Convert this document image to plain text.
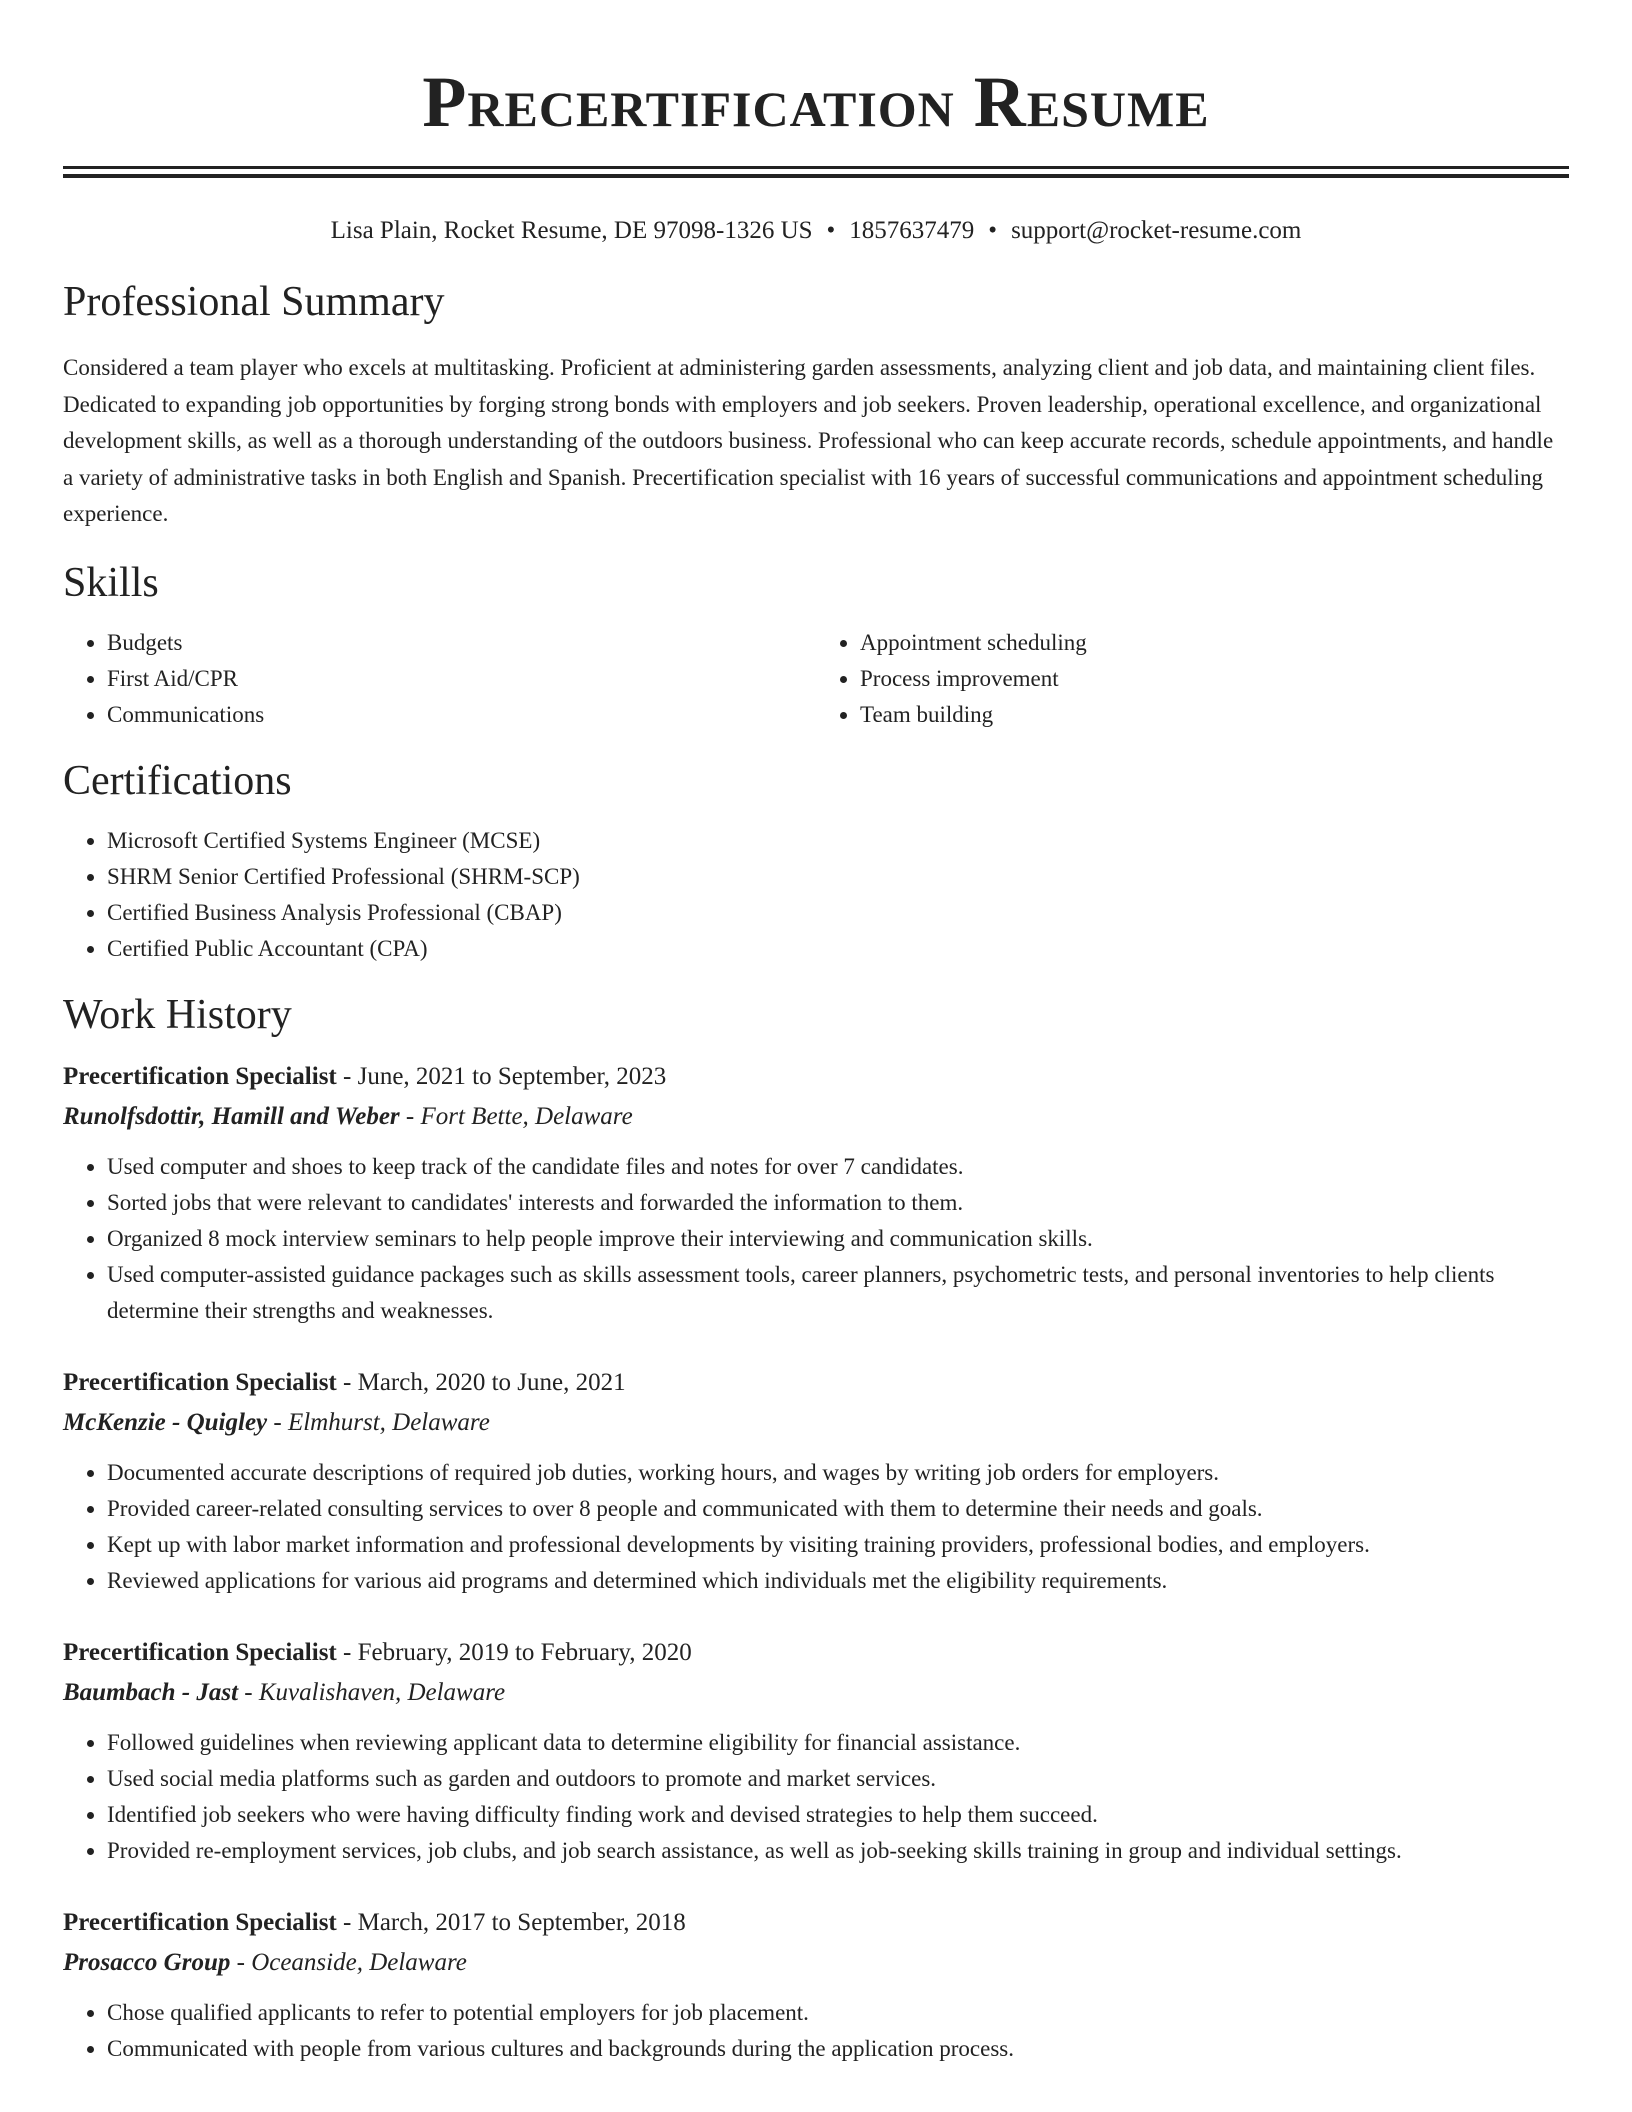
Precertification Resume
Lisa Plain, Rocket Resume, DE 97098-1326 US • 1857637479 • support@rocket-resume.com
Professional Summary

Considered a team player who excels at multitasking. Proficient at administering garden assessments, analyzing client and job data, and maintaining client files. Dedicated to expanding job opportunities by forging strong bonds with employers and job seekers. Proven leadership, operational excellence, and organizational development skills, as well as a thorough understanding of the outdoors business. Professional who can keep accurate records, schedule appointments, and handle a variety of administrative tasks in both English and Spanish. Precertification specialist with 16 years of successful communications and appointment scheduling experience.

Skills
• Budgets
• First Aid/CPR
• Communications
• Appointment scheduling
• Process improvement
• Team building
Certifications
• Microsoft Certified Systems Engineer (MCSE)
• SHRM Senior Certified Professional (SHRM-SCP)
• Certified Business Analysis Professional (CBAP)
• Certified Public Accountant (CPA)
Work History
Precertification Specialist - June, 2021 to September, 2023
Runolfsdottir, Hamill and Weber - Fort Bette, Delaware
• Used computer and shoes to keep track of the candidate files and notes for over 7 candidates.
• Sorted jobs that were relevant to candidates' interests and forwarded the information to them.
• Organized 8 mock interview seminars to help people improve their interviewing and communication skills.
• Used computer-assisted guidance packages such as skills assessment tools, career planners, psychometric tests, and personal inventories to help clients determine their strengths and weaknesses.
Precertification Specialist - March, 2020 to June, 2021
McKenzie - Quigley - Elmhurst, Delaware
• Documented accurate descriptions of required job duties, working hours, and wages by writing job orders for employers.
• Provided career-related consulting services to over 8 people and communicated with them to determine their needs and goals.
• Kept up with labor market information and professional developments by visiting training providers, professional bodies, and employers.
• Reviewed applications for various aid programs and determined which individuals met the eligibility requirements.
Precertification Specialist - February, 2019 to February, 2020
Baumbach - Jast - Kuvalishaven, Delaware
• Followed guidelines when reviewing applicant data to determine eligibility for financial assistance.
• Used social media platforms such as garden and outdoors to promote and market services.
• Identified job seekers who were having difficulty finding work and devised strategies to help them succeed.
• Provided re-employment services, job clubs, and job search assistance, as well as job-seeking skills training in group and individual settings.
Precertification Specialist - March, 2017 to September, 2018
Prosacco Group - Oceanside, Delaware
• Chose qualified applicants to refer to potential employers for job placement.
• Communicated with people from various cultures and backgrounds during the application process.
